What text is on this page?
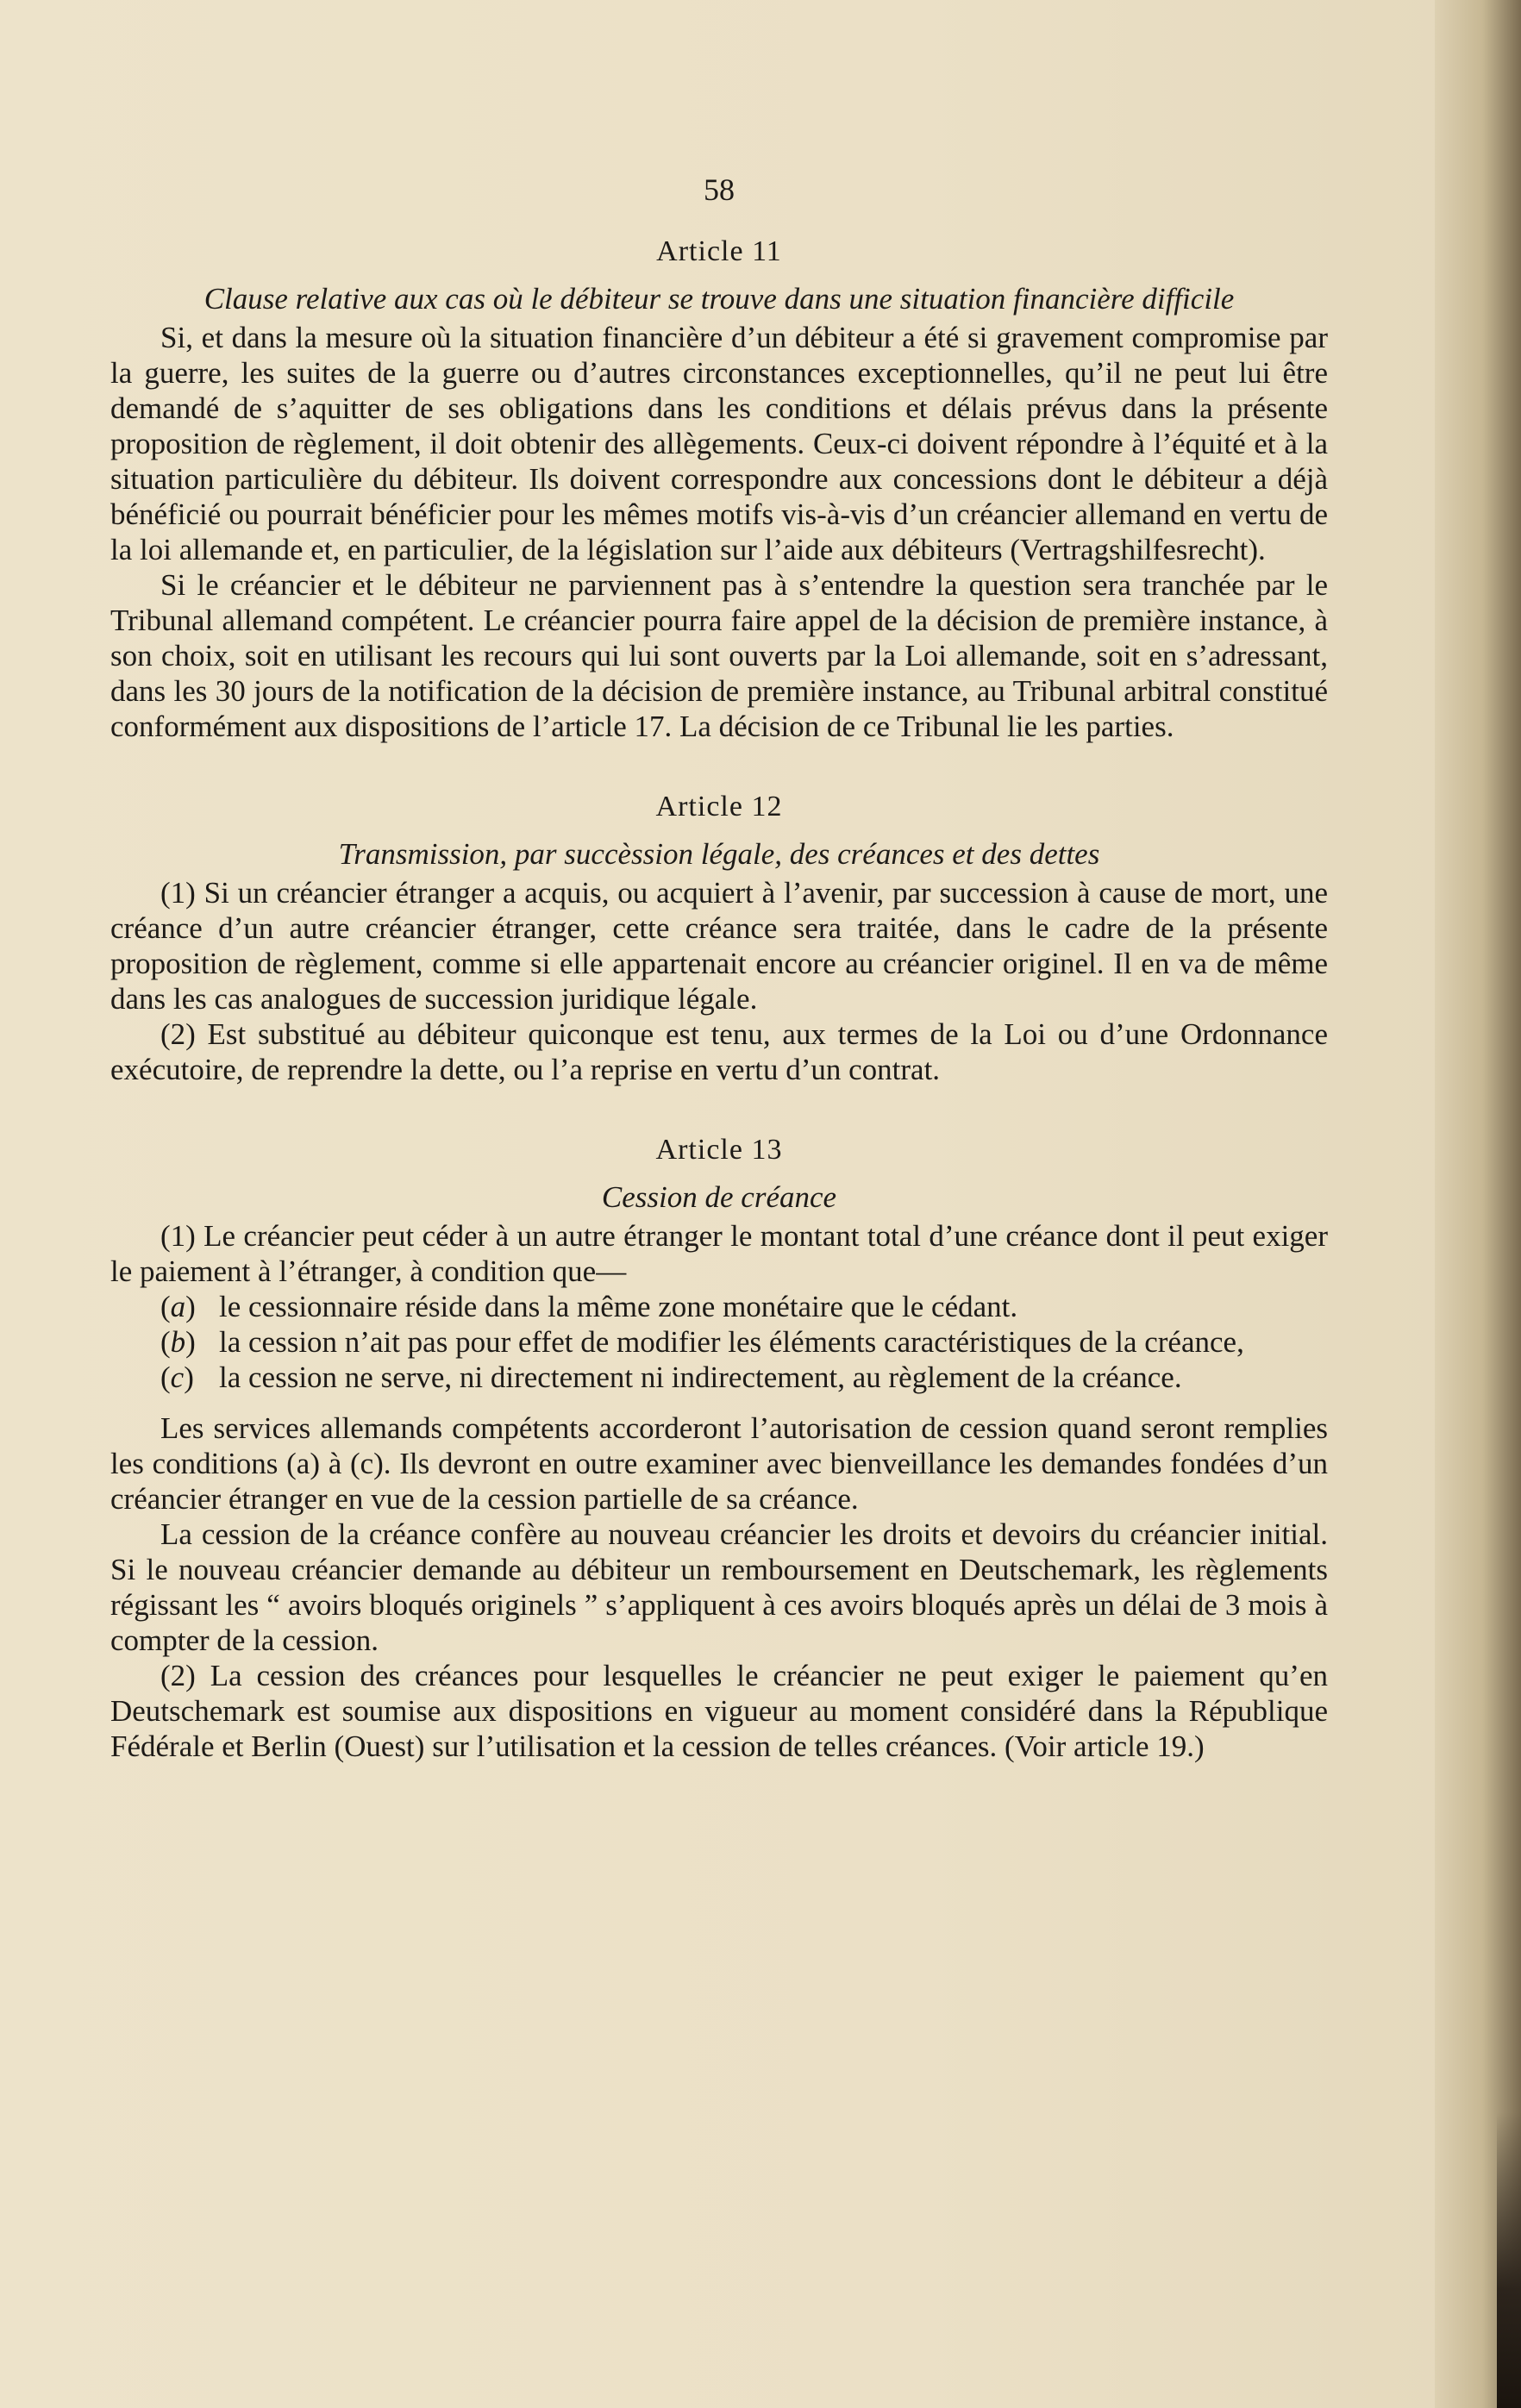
58
Article 11
Clause relative aux cas où le débiteur se trouve dans une situation financière difficile

Si, et dans la mesure où la situation financière d’un débiteur a été si gravement compromise par la guerre, les suites de la guerre ou d’autres circonstances exceptionnelles, qu’il ne peut lui être demandé de s’aquitter de ses obligations dans les conditions et délais prévus dans la présente proposition de règlement, il doit obtenir des allègements. Ceux-ci doivent répondre à l’équité et à la situation particulière du débiteur. Ils doivent correspondre aux concessions dont le débiteur a déjà bénéficié ou pourrait bénéficier pour les mêmes motifs vis-à-vis d’un créancier allemand en vertu de la loi allemande et, en particulier, de la législation sur l’aide aux débiteurs (Vertragshilfesrecht).

Si le créancier et le débiteur ne parviennent pas à s’entendre la question sera tranchée par le Tribunal allemand compétent. Le créancier pourra faire appel de la décision de première instance, à son choix, soit en utilisant les recours qui lui sont ouverts par la Loi allemande, soit en s’adressant, dans les 30 jours de la notification de la décision de première instance, au Tribunal arbitral constitué conformément aux dispositions de l’article 17. La décision de ce Tribunal lie les parties.

Article 12
Transmission, par succèssion légale, des créances et des dettes

(1) Si un créancier étranger a acquis, ou acquiert à l’avenir, par succession à cause de mort, une créance d’un autre créancier étranger, cette créance sera traitée, dans le cadre de la présente proposition de règlement, comme si elle appartenait encore au créancier originel. Il en va de même dans les cas analogues de succession juridique légale.

(2) Est substitué au débiteur quiconque est tenu, aux termes de la Loi ou d’une Ordonnance exécutoire, de reprendre la dette, ou l’a reprise en vertu d’un contrat.

Article 13
Cession de créance

(1) Le créancier peut céder à un autre étranger le montant total d’une créance dont il peut exiger le paiement à l’étranger, à condition que—

(a) le cessionnaire réside dans la même zone monétaire que le cédant.
(b) la cession n’ait pas pour effet de modifier les éléments caractéristiques de la créance,
(c) la cession ne serve, ni directement ni indirectement, au règlement de la créance.

Les services allemands compétents accorderont l’autorisation de cession quand seront remplies les conditions (a) à (c). Ils devront en outre examiner avec bienveillance les demandes fondées d’un créancier étranger en vue de la cession partielle de sa créance.

La cession de la créance confère au nouveau créancier les droits et devoirs du créancier initial. Si le nouveau créancier demande au débiteur un remboursement en Deutschemark, les règlements régissant les “ avoirs bloqués originels ” s’appliquent à ces avoirs bloqués après un délai de 3 mois à compter de la cession.

(2) La cession des créances pour lesquelles le créancier ne peut exiger le paiement qu’en Deutschemark est soumise aux dispositions en vigueur au moment considéré dans la République Fédérale et Berlin (Ouest) sur l’utilisation et la cession de telles créances. (Voir article 19.)
